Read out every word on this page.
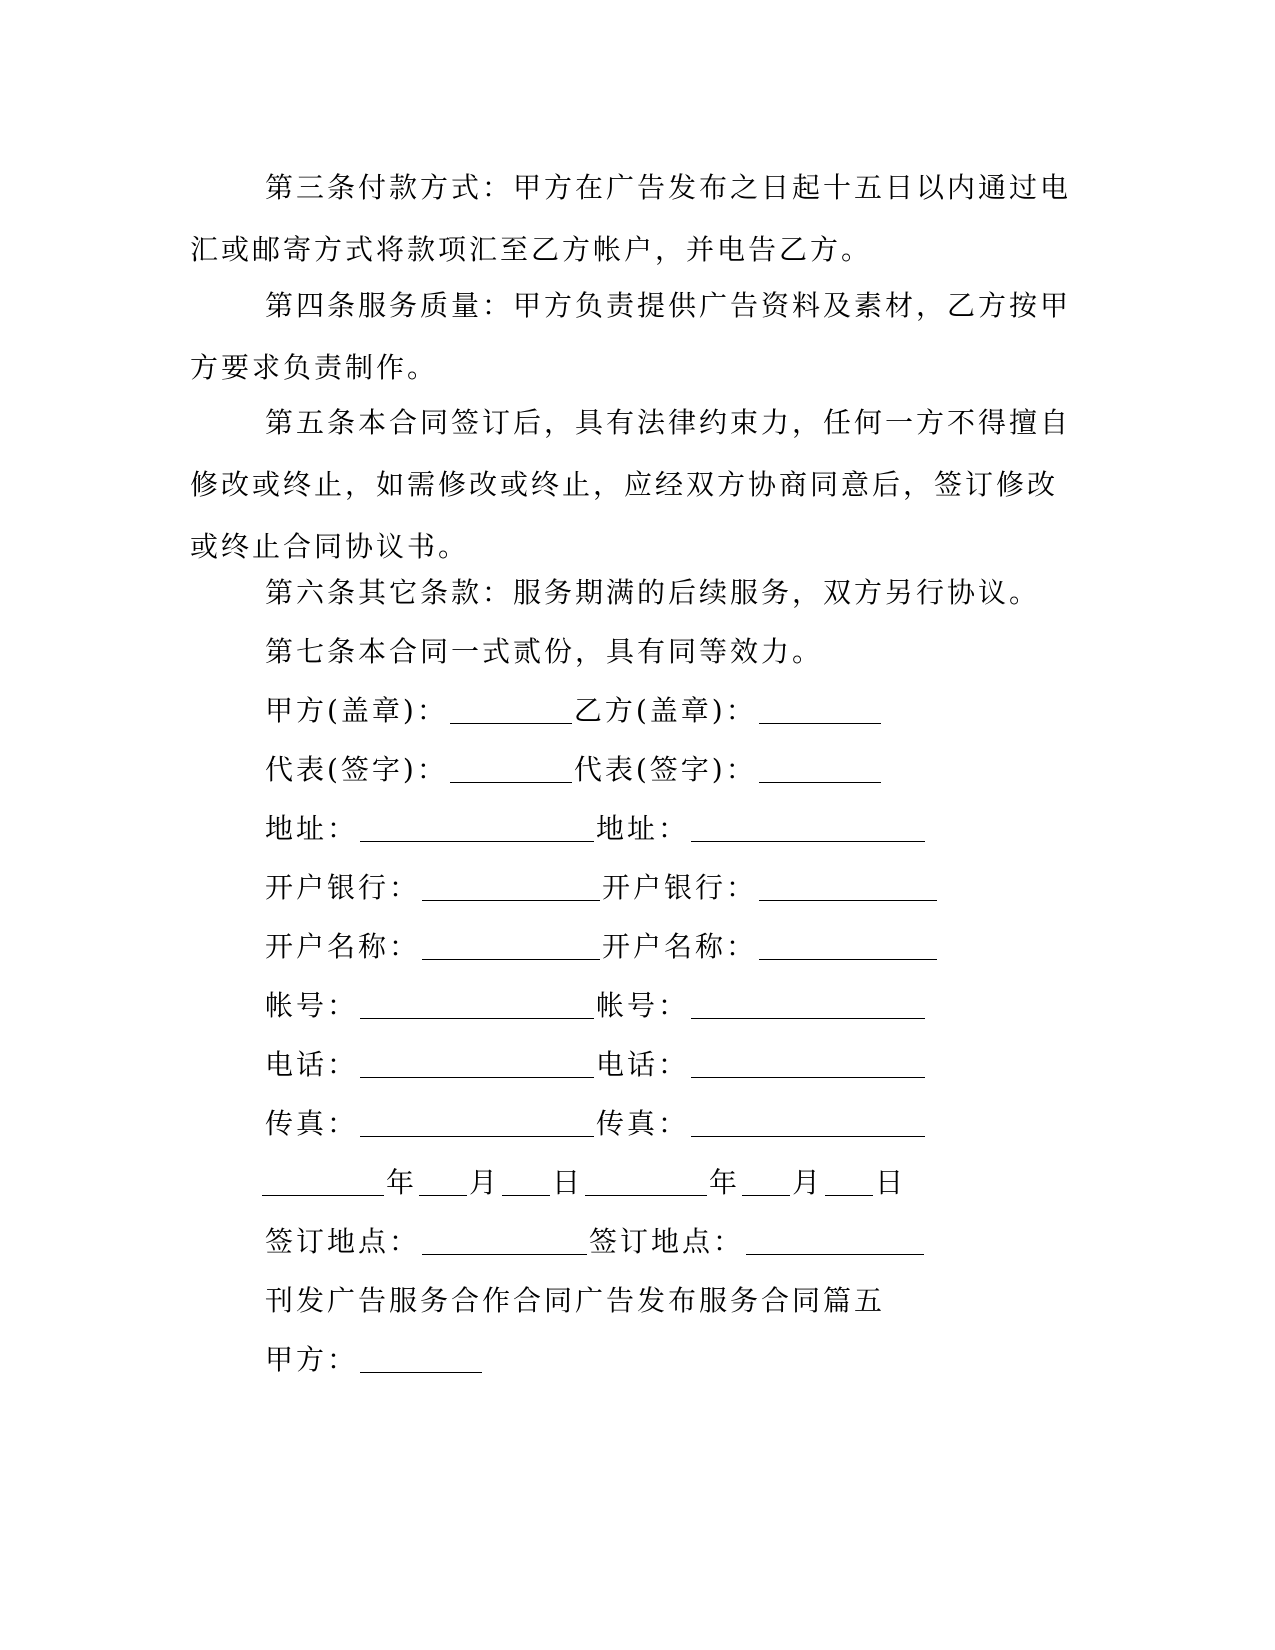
第三条付款方式：甲方在广告发布之日起十五日以内通过电汇或邮寄方式将款项汇至乙方帐户，并电告乙方。
第四条服务质量：甲方负责提供广告资料及素材，乙方按甲方要求负责制作。
第五条本合同签订后，具有法律约束力，任何一方不得擅自修改或终止，如需修改或终止，应经双方协商同意后，签订修改或终止合同协议书。
第六条其它条款：服务期满的后续服务，双方另行协议。
第七条本合同一式贰份，具有同等效力。
甲方(盖章)：	乙方(盖章)：
代表(签字)：	代表(签字)：
地址：	地址：
开户银行：	开户银行：
开户名称：	开户名称：
帐号：	帐号：
电话：	电话：
传真：	传真：
年 月 日	年 月 日
签订地点：	签订地点：
刊发广告服务合作合同广告发布服务合同篇五
甲方：
